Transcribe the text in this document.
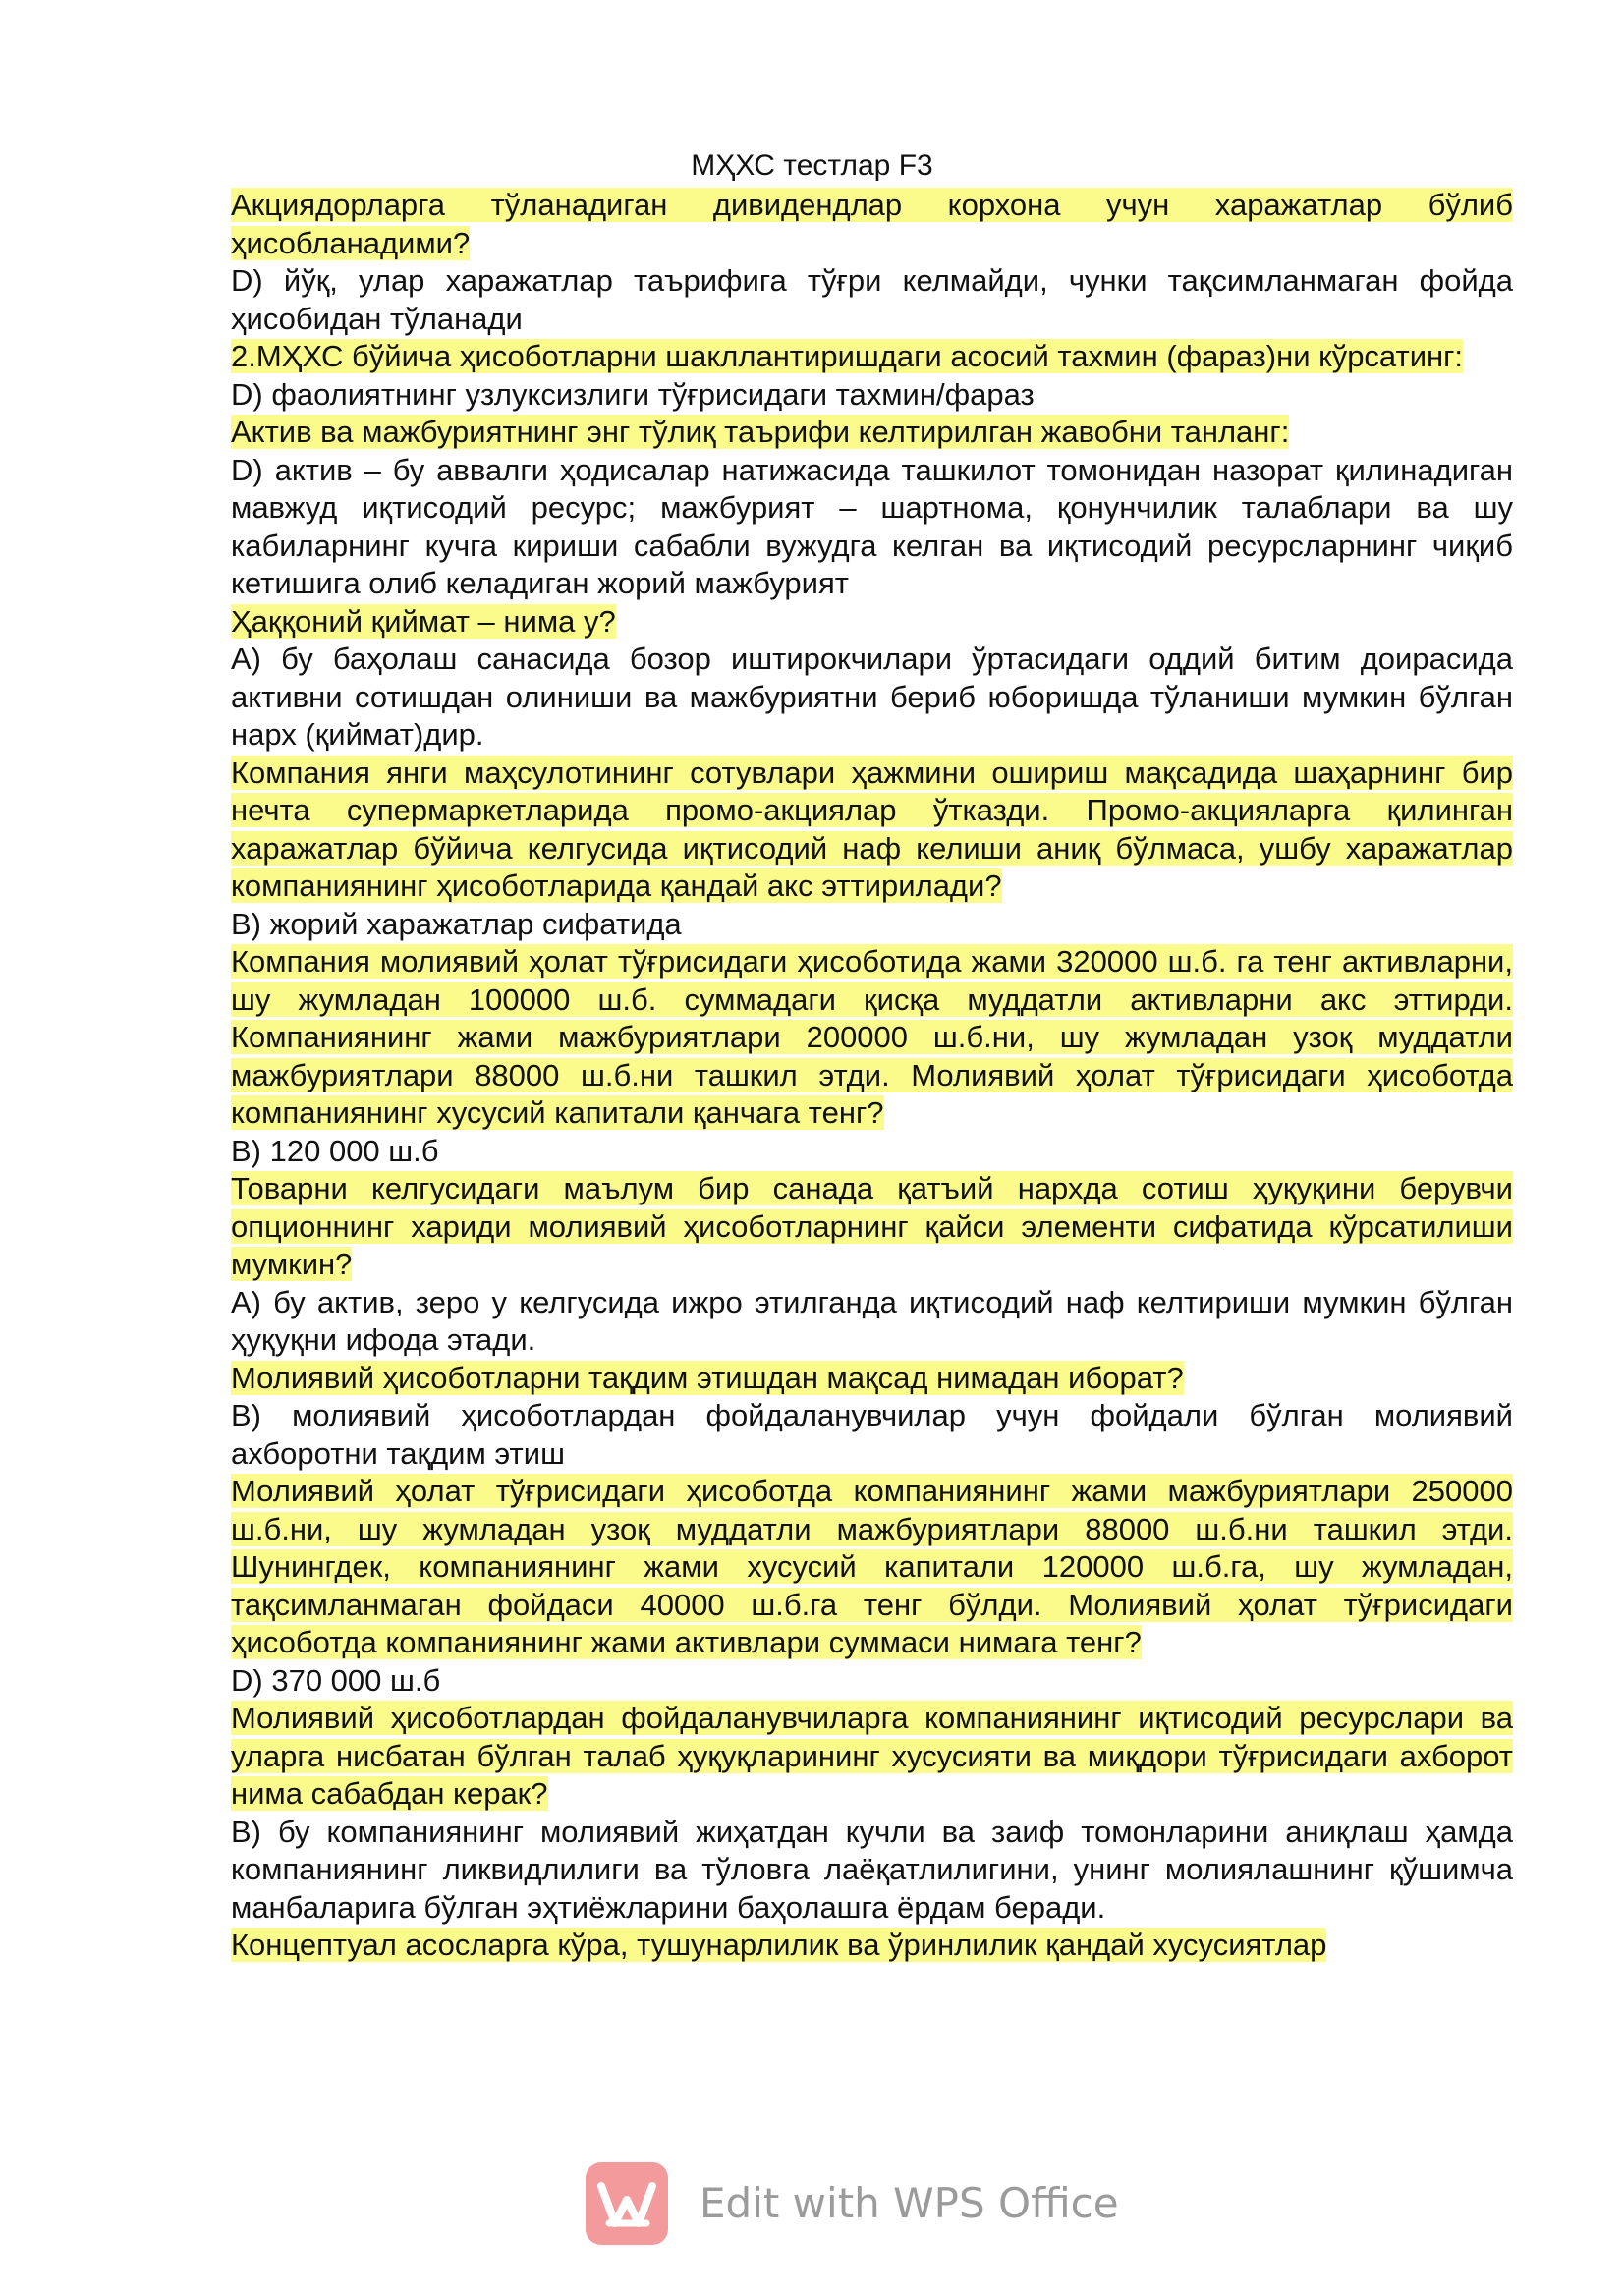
МҲХС тестлар F3

Акциядорларга тўланадиган дивидендлар корхона учун харажатлар бўлиб ҳисобланадими?

D) йўқ, улар харажатлар таърифига тўғри келмайди, чунки тақсимланмаган фойда ҳисобидан тўланади

2.МҲХС бўйича ҳисоботларни шакллантиришдаги асосий тахмин (фараз)ни кўрсатинг:

D) фаолиятнинг узлуксизлиги тўғрисидаги тахмин/фараз

Актив ва мажбуриятнинг энг тўлиқ таърифи келтирилган жавобни танланг:

D) актив – бу аввалги ҳодисалар натижасида ташкилот томонидан назорат қилинадиган мавжуд иқтисодий ресурс; мажбурият – шартнома, қонунчилик талаблари ва шу кабиларнинг кучга кириши сабабли вужудга келган ва иқтисодий ресурсларнинг чиқиб кетишига олиб келадиган жорий мажбурият

Ҳаққоний қиймат – нима у?

A) бу баҳолаш санасида бозор иштирокчилари ўртасидаги оддий битим доирасида активни сотишдан олиниши ва мажбуриятни бериб юборишда тўланиши мумкин бўлган нарх (қиймат)дир.

Компания янги маҳсулотининг сотувлари ҳажмини ошириш мақсадида шаҳарнинг бир нечта супермаркетларида промо-акциялар ўтказди. Промо-акцияларга қилинган харажатлар бўйича келгусида иқтисодий наф келиши аниқ бўлмаса, ушбу харажатлар компаниянинг ҳисоботларида қандай акс эттирилади?

B) жорий харажатлар сифатида

Компания молиявий ҳолат тўғрисидаги ҳисоботида жами 320000 ш.б. га тенг активларни, шу жумладан 100000 ш.б. суммадаги қисқа муддатли активларни акс эттирди. Компаниянинг жами мажбуриятлари 200000 ш.б.ни, шу жумладан узоқ муддатли мажбуриятлари 88000 ш.б.ни ташкил этди. Молиявий ҳолат тўғрисидаги ҳисоботда компаниянинг хусусий капитали қанчага тенг?

B) 120 000 ш.б

Товарни келгусидаги маълум бир санада қатъий нархда сотиш ҳуқуқини берувчи опционнинг хариди молиявий ҳисоботларнинг қайси элементи сифатида кўрсатилиши мумкин?

A) бу актив, зеро у келгусида ижро этилганда иқтисодий наф келтириши мумкин бўлган ҳуқуқни ифода этади.

Молиявий ҳисоботларни тақдим этишдан мақсад нимадан иборат?

B) молиявий ҳисоботлардан фойдаланувчилар учун фойдали бўлган молиявий ахборотни тақдим этиш

Молиявий ҳолат тўғрисидаги ҳисоботда компаниянинг жами мажбуриятлари 250000 ш.б.ни, шу жумладан узоқ муддатли мажбуриятлари 88000 ш.б.ни ташкил этди. Шунингдек, компаниянинг жами хусусий капитали 120000 ш.б.га, шу жумладан, тақсимланмаган фойдаси 40000 ш.б.га тенг бўлди. Молиявий ҳолат тўғрисидаги ҳисоботда компаниянинг жами активлари суммаси нимага тенг?

D) 370 000 ш.б

Молиявий ҳисоботлардан фойдаланувчиларга компаниянинг иқтисодий ресурслари ва уларга нисбатан бўлган талаб ҳуқуқларининг хусусияти ва миқдори тўғрисидаги ахборот нима сабабдан керак?

B) бу компаниянинг молиявий жиҳатдан кучли ва заиф томонларини аниқлаш ҳамда компаниянинг ликвидлилиги ва тўловга лаёқатлилигини, унинг молиялашнинг қўшимча манбаларига бўлган эҳтиёжларини баҳолашга ёрдам беради.

Концептуал асосларга кўра, тушунарлилик ва ўринлилик қандай хусусиятлар

Edit with WPS Office
